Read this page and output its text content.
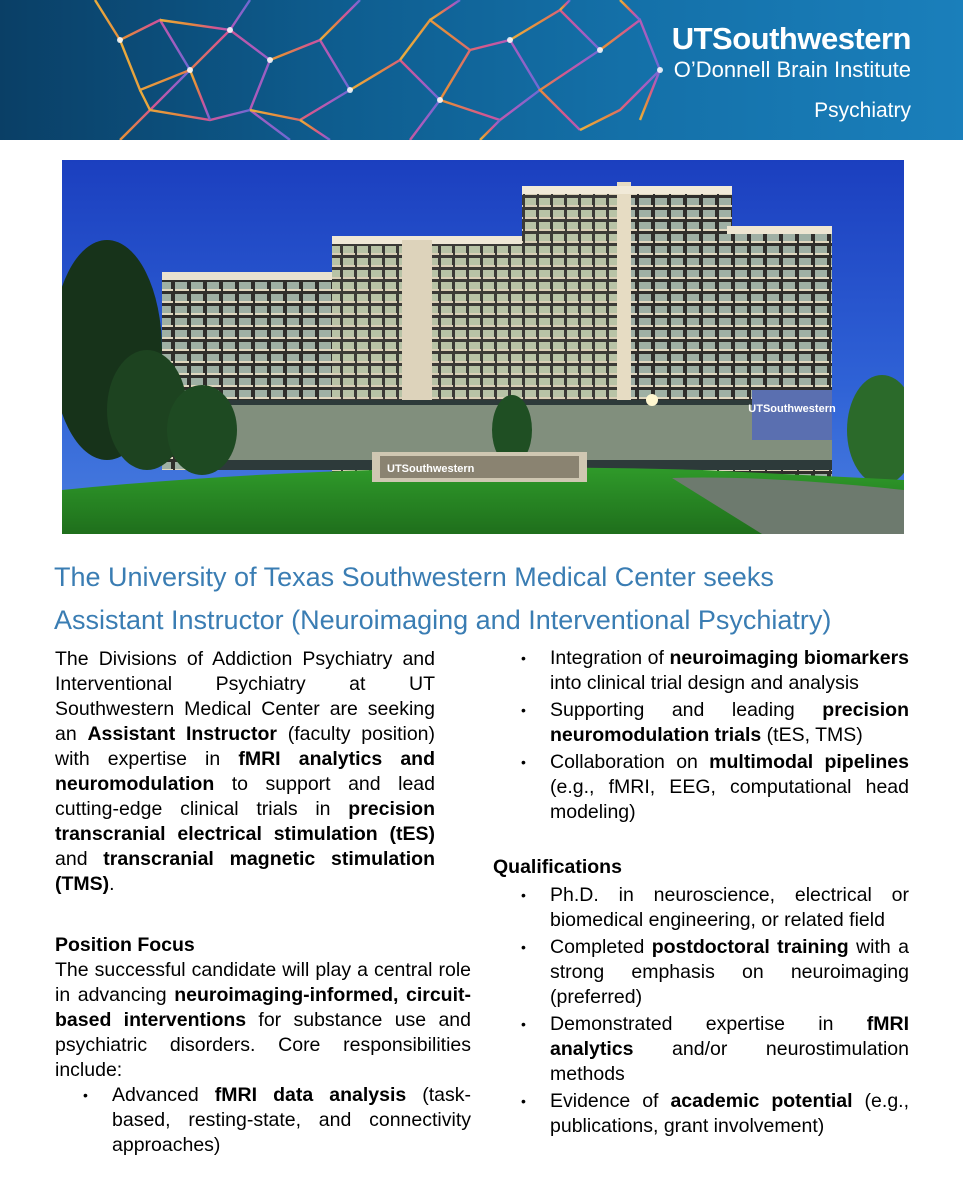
UTSouthwestern
O’Donnell Brain Institute
Psychiatry
UTSouthwestern
UTSouthwestern
The University of Texas Southwestern Medical Center seeks
Assistant Instructor (Neuroimaging and Interventional Psychiatry)

The Divisions of Addiction Psychiatry and Interventional Psychiatry at UT Southwestern Medical Center are seeking an Assistant Instructor (faculty position) with expertise in fMRI analytics and neuromodulation to support and lead cutting-edge clinical trials in precision transcranial electrical stimulation (tES) and transcranial magnetic stimulation (TMS).

Position Focus

The successful candidate will play a central role in advancing neuroimaging-informed, circuit-based interventions for substance use and psychiatric disorders. Core responsibilities include:

• Advanced fMRI data analysis (task-based, resting-state, and connectivity approaches)
• Integration of neuroimaging biomarkers into clinical trial design and analysis
• Supporting and leading precision neuromodulation trials (tES, TMS)
• Collaboration on multimodal pipelines (e.g., fMRI, EEG, computational head modeling)
Qualifications
• Ph.D. in neuroscience, electrical or biomedical engineering, or related field
• Completed postdoctoral training with a strong emphasis on neuroimaging (preferred)
• Demonstrated expertise in fMRI analytics and/or neurostimulation methods
• Evidence of academic potential (e.g., publications, grant involvement)
